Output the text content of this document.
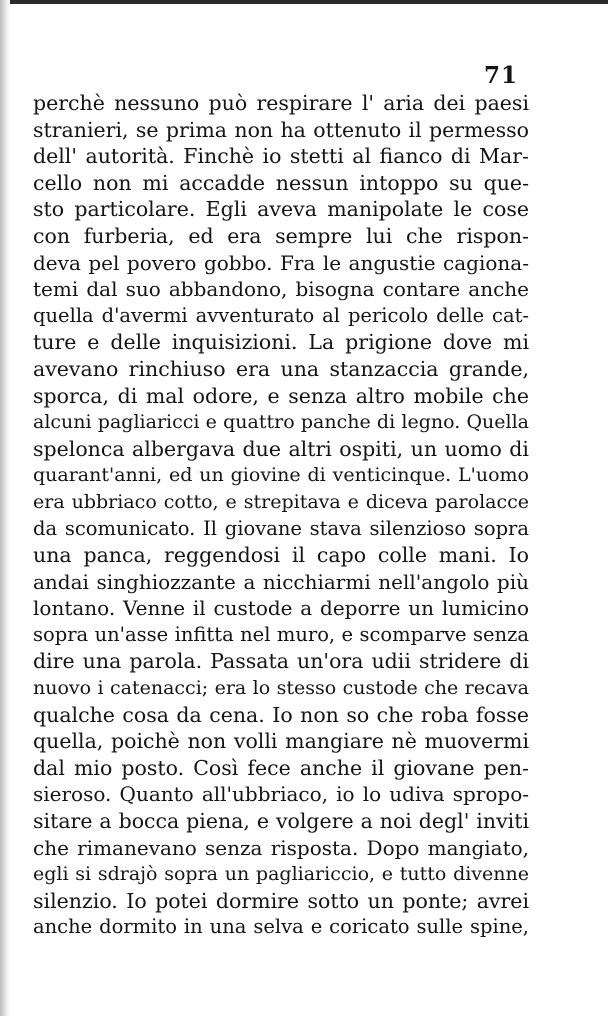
71
perchè nessuno può respirare l' aria dei paesi
stranieri, se prima non ha ottenuto il permesso
dell' autorità. Finchè io stetti al fianco di Mar-
cello non mi accadde nessun intoppo su que-
sto particolare. Egli aveva manipolate le cose
con furberia, ed era sempre lui che rispon-
deva pel povero gobbo. Fra le angustie cagiona-
temi dal suo abbandono, bisogna contare anche
quella d'avermi avventurato al pericolo delle cat-
ture e delle inquisizioni. La prigione dove mi
avevano rinchiuso era una stanzaccia grande,
sporca, di mal odore, e senza altro mobile che
alcuni pagliaricci e quattro panche di legno. Quella
spelonca albergava due altri ospiti, un uomo di
quarant'anni, ed un giovine di venticinque. L'uomo
era ubbriaco cotto, e strepitava e diceva parolacce
da scomunicato. Il giovane stava silenzioso sopra
una panca, reggendosi il capo colle mani. Io
andai singhiozzante a nicchiarmi nell'angolo più
lontano. Venne il custode a deporre un lumicino
sopra un'asse infitta nel muro, e scomparve senza
dire una parola. Passata un'ora udii stridere di
nuovo i catenacci; era lo stesso custode che recava
qualche cosa da cena. Io non so che roba fosse
quella, poichè non volli mangiare nè muovermi
dal mio posto. Così fece anche il giovane pen-
sieroso. Quanto all'ubbriaco, io lo udiva spropo-
sitare a bocca piena, e volgere a noi degl' inviti
che rimanevano senza risposta. Dopo mangiato,
egli si sdrajò sopra un pagliariccio, e tutto divenne
silenzio. Io potei dormire sotto un ponte; avrei
anche dormito in una selva e coricato sulle spine,
